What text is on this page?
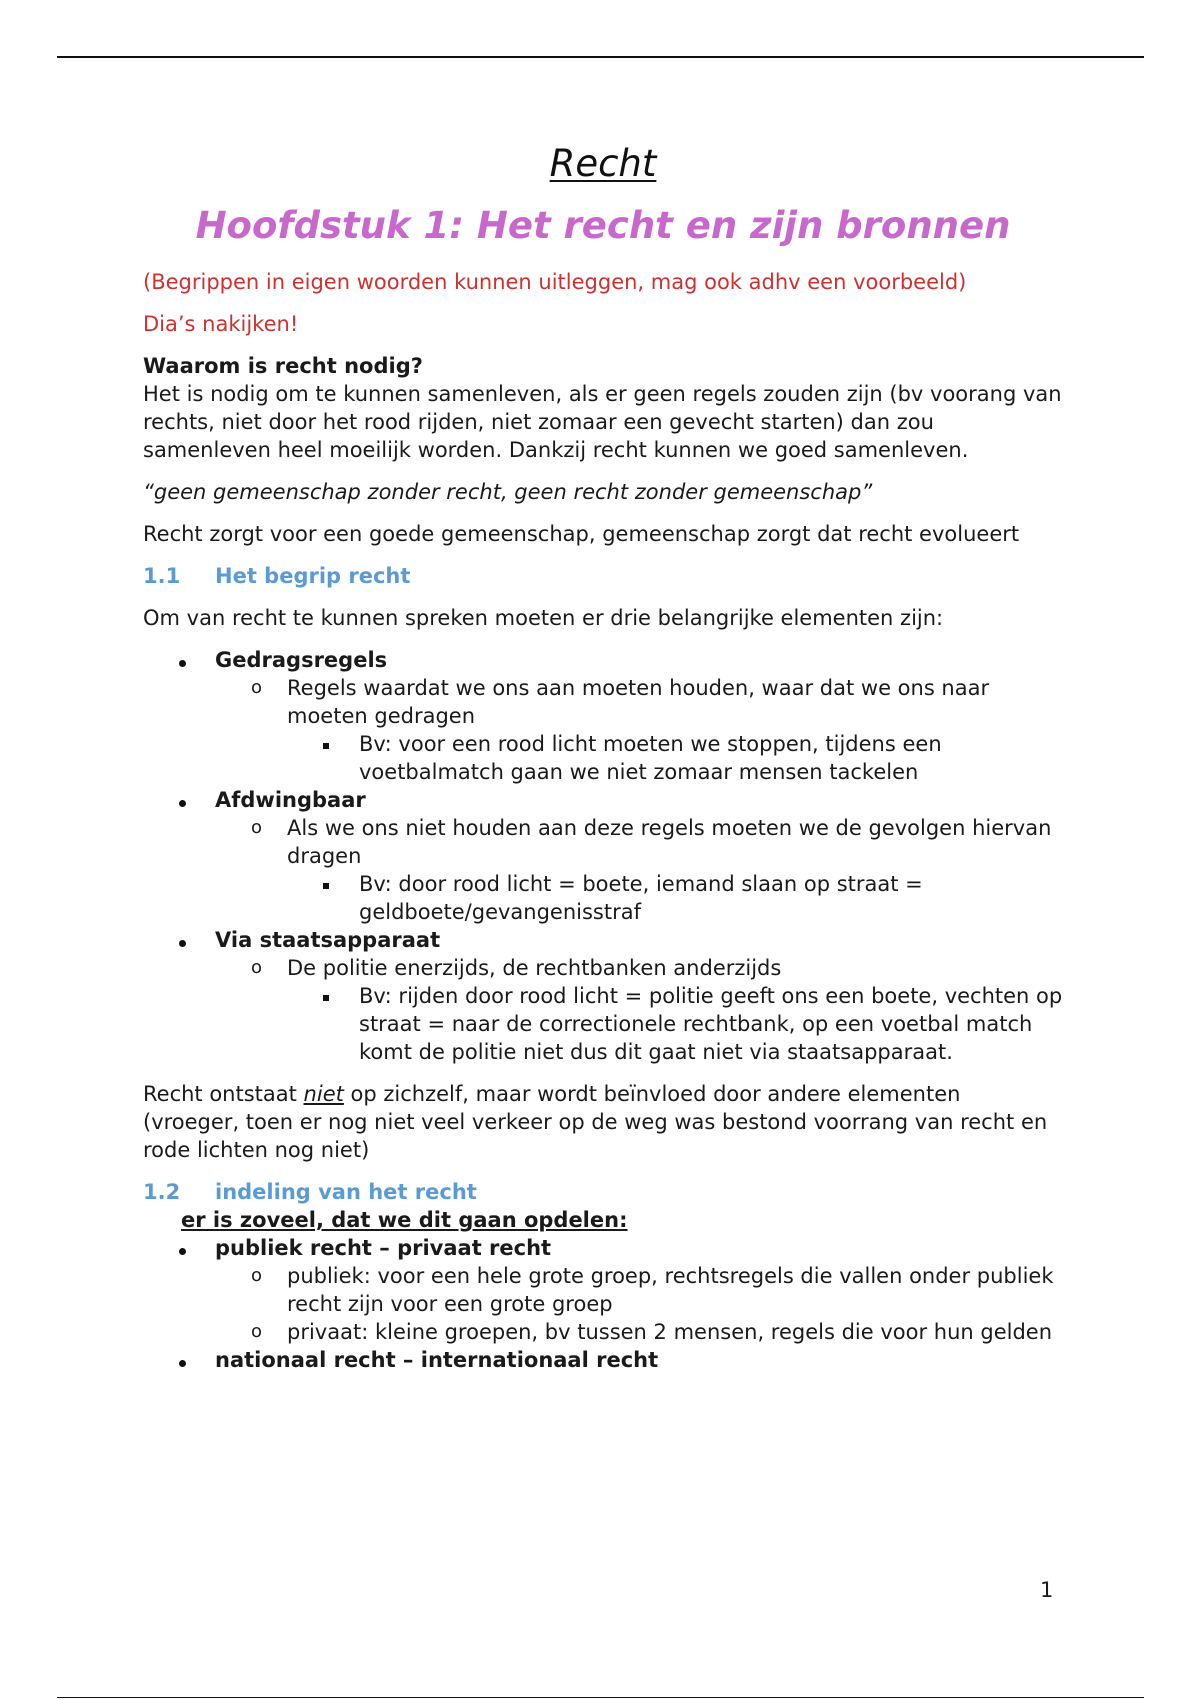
Recht
Hoofdstuk 1: Het recht en zijn bronnen

(Begrippen in eigen woorden kunnen uitleggen, mag ook adhv een voorbeeld)

Dia’s nakijken!

Waarom is recht nodig?

Het is nodig om te kunnen samenleven, als er geen regels zouden zijn (bv voorang van rechts, niet door het rood rijden, niet zomaar een gevecht starten) dan zou samenleven heel moeilijk worden. Dankzij recht kunnen we goed samenleven.

“geen gemeenschap zonder recht, geen recht zonder gemeenschap”

Recht zorgt voor een goede gemeenschap, gemeenschap zorgt dat recht evolueert

1.1 Het begrip recht

Om van recht te kunnen spreken moeten er drie belangrijke elementen zijn:

Gedragsregels
o Regels waardat we ons aan moeten houden, waar dat we ons naar moeten gedragen
Bv: voor een rood licht moeten we stoppen, tijdens een voetbalmatch gaan we niet zomaar mensen tackelen
Afdwingbaar
o Als we ons niet houden aan deze regels moeten we de gevolgen hiervan dragen
Bv: door rood licht = boete, iemand slaan op straat = geldboete/gevangenisstraf
Via staatsapparaat
o De politie enerzijds, de rechtbanken anderzijds
Bv: rijden door rood licht = politie geeft ons een boete, vechten op straat = naar de correctionele rechtbank, op een voetbal match komt de politie niet dus dit gaat niet via staatsapparaat.

Recht ontstaat niet op zichzelf, maar wordt beïnvloed door andere elementen (vroeger, toen er nog niet veel verkeer op de weg was bestond voorrang van recht en rode lichten nog niet)

1.2 indeling van het recht
er is zoveel, dat we dit gaan opdelen:
publiek recht – privaat recht
o publiek: voor een hele grote groep, rechtsregels die vallen onder publiek recht zijn voor een grote groep
o privaat: kleine groepen, bv tussen 2 mensen, regels die voor hun gelden
nationaal recht – internationaal recht
1
